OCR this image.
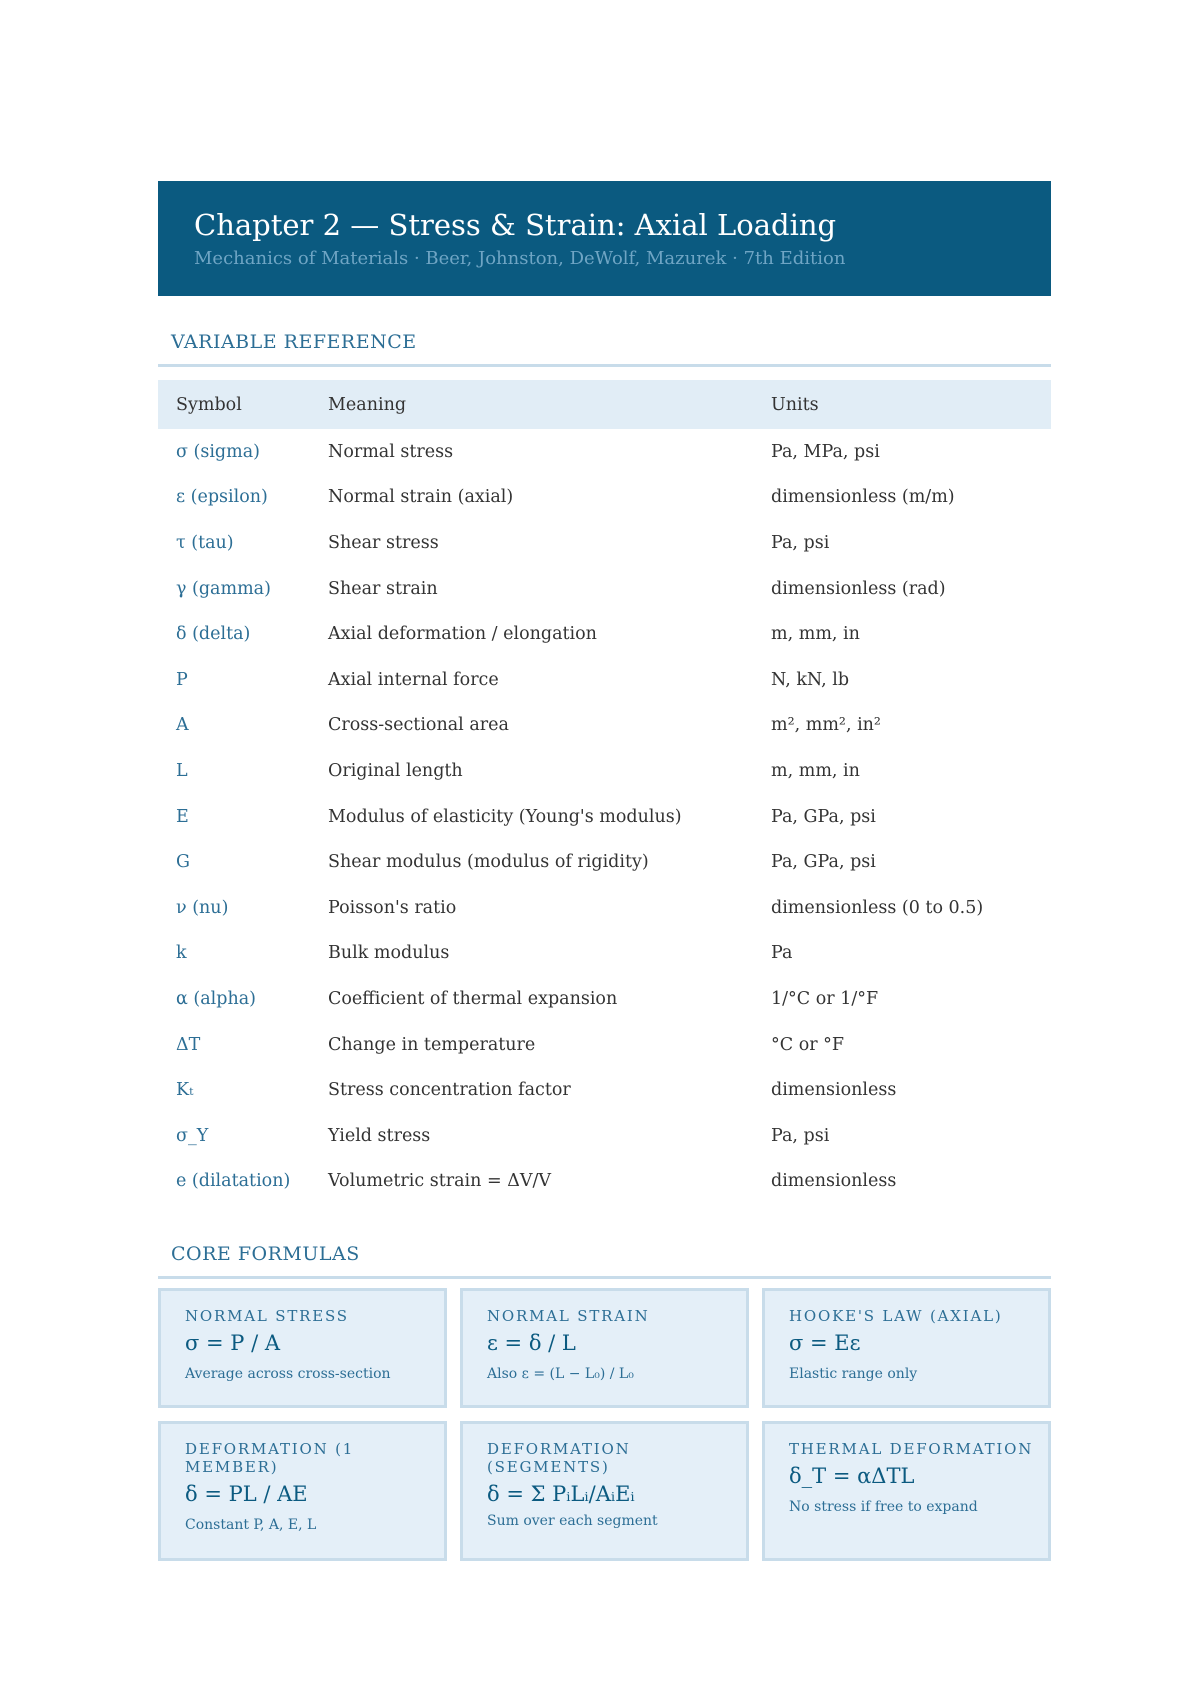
Chapter 2 — Stress & Strain: Axial Loading
Mechanics of Materials · Beer, Johnston, DeWolf, Mazurek · 7th Edition
VARIABLE REFERENCE
Symbol	Meaning	Units
σ (sigma)	Normal stress	Pa, MPa, psi
ε (epsilon)	Normal strain (axial)	dimensionless (m/m)
τ (tau)	Shear stress	Pa, psi
γ (gamma)	Shear strain	dimensionless (rad)
δ (delta)	Axial deformation / elongation	m, mm, in
P	Axial internal force	N, kN, lb
A	Cross-sectional area	m², mm², in²
L	Original length	m, mm, in
E	Modulus of elasticity (Young's modulus)	Pa, GPa, psi
G	Shear modulus (modulus of rigidity)	Pa, GPa, psi
ν (nu)	Poisson's ratio	dimensionless (0 to 0.5)
k	Bulk modulus	Pa
α (alpha)	Coefficient of thermal expansion	1/°C or 1/°F
ΔT	Change in temperature	°C or °F
Kₜ	Stress concentration factor	dimensionless
σ_Y	Yield stress	Pa, psi
e (dilatation)	Volumetric strain = ΔV/V	dimensionless
CORE FORMULAS
NORMAL STRESS
σ = P / A
Average across cross-section
NORMAL STRAIN
ε = δ / L
Also ε = (L − L₀) / L₀
HOOKE'S LAW (AXIAL)
σ = Eε
Elastic range only
DEFORMATION (1 MEMBER)
δ = PL / AE
Constant P, A, E, L
DEFORMATION (SEGMENTS)
δ = Σ PᵢLᵢ/AᵢEᵢ
Sum over each segment
THERMAL DEFORMATION
δ_T = αΔTL
No stress if free to expand
